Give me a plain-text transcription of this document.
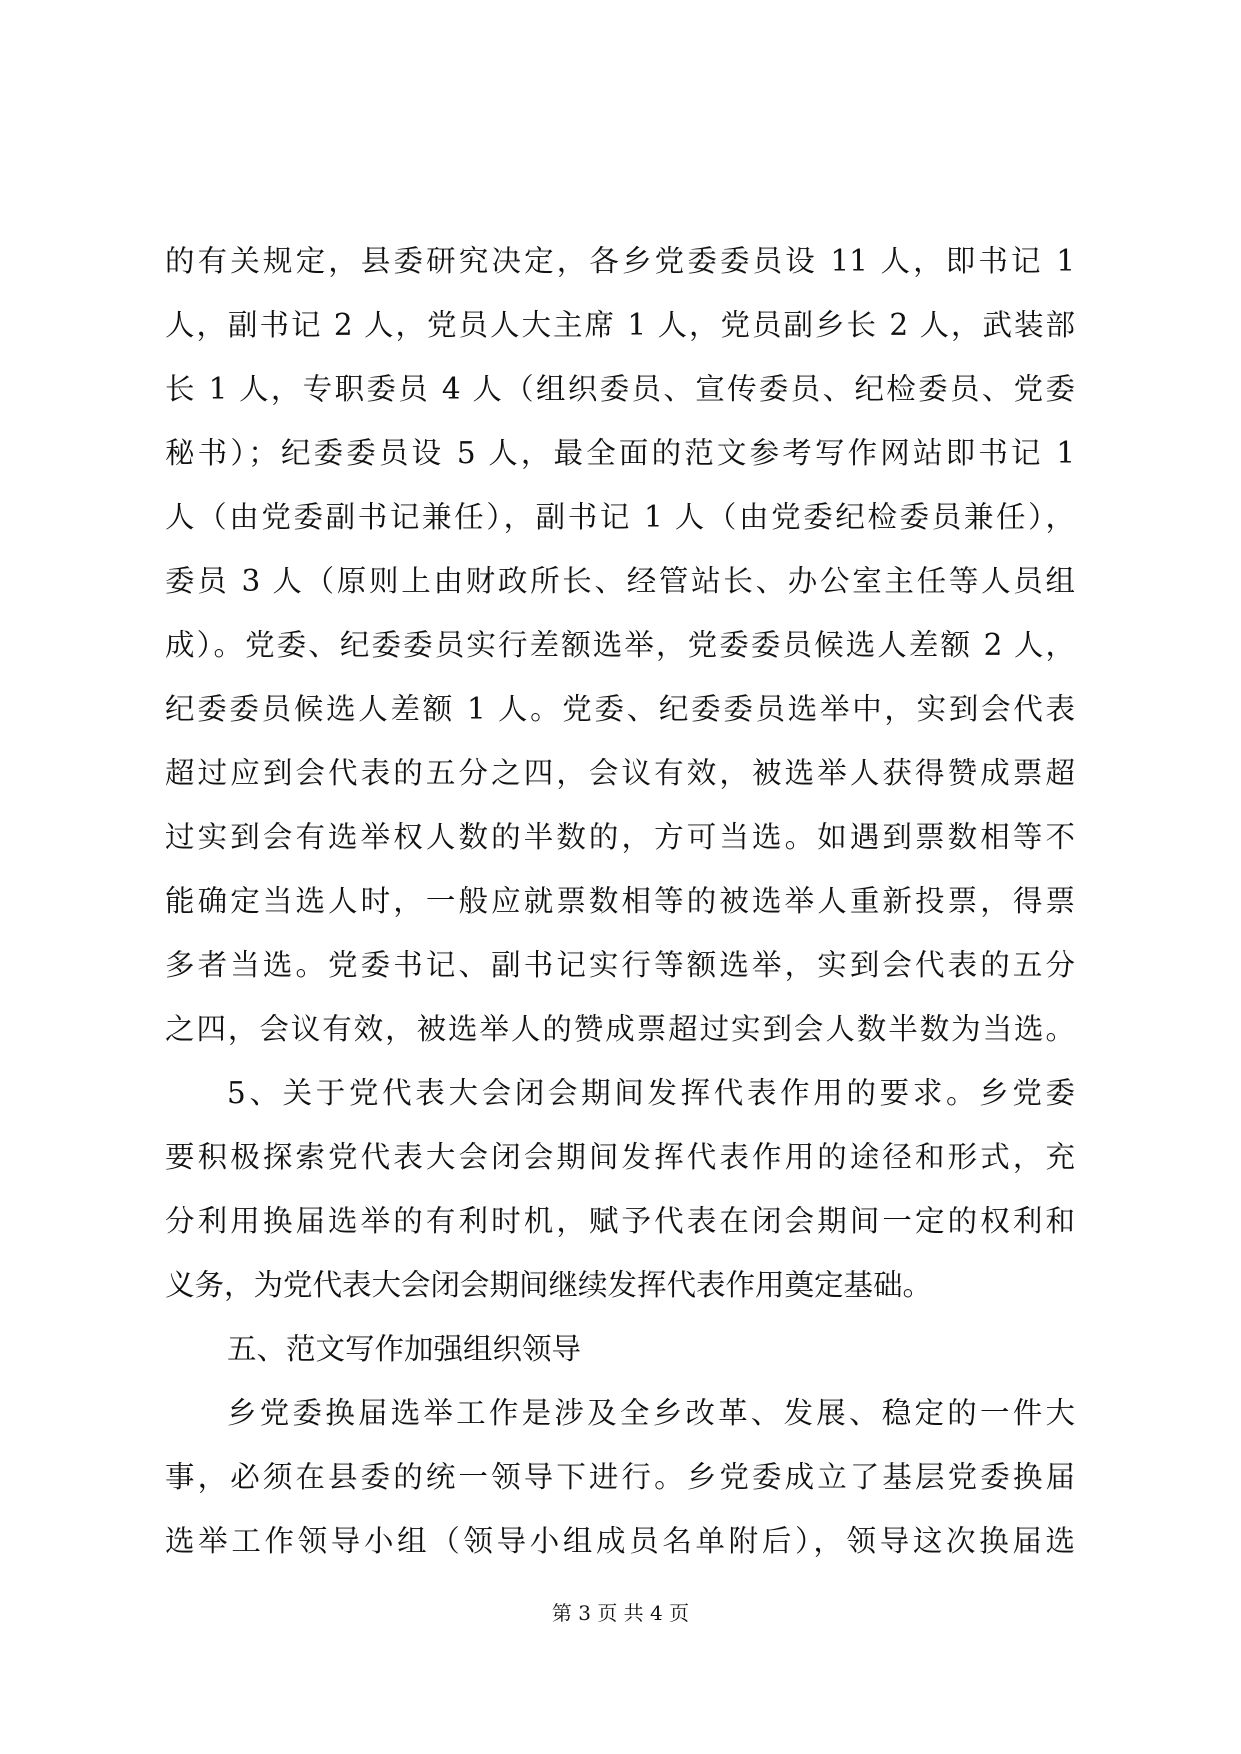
的有关规定，县委研究决定，各乡党委委员设 11 人，即书记 1
人，副书记 2 人，党员人大主席 1 人，党员副乡长 2 人，武装部
长 1 人，专职委员 4 人（组织委员、宣传委员、纪检委员、党委
秘书）；纪委委员设 5 人，最全面的范文参考写作网站即书记 1
人（由党委副书记兼任），副书记 1 人（由党委纪检委员兼任），
委员 3 人（原则上由财政所长、经管站长、办公室主任等人员组
成）。党委、纪委委员实行差额选举，党委委员候选人差额 2 人，
纪委委员候选人差额 1 人。党委、纪委委员选举中，实到会代表
超过应到会代表的五分之四，会议有效，被选举人获得赞成票超
过实到会有选举权人数的半数的，方可当选。如遇到票数相等不
能确定当选人时，一般应就票数相等的被选举人重新投票，得票
多者当选。党委书记、副书记实行等额选举，实到会代表的五分
之四，会议有效，被选举人的赞成票超过实到会人数半数为当选。
5、关于党代表大会闭会期间发挥代表作用的要求。乡党委
要积极探索党代表大会闭会期间发挥代表作用的途径和形式，充
分利用换届选举的有利时机，赋予代表在闭会期间一定的权利和
义务，为党代表大会闭会期间继续发挥代表作用奠定基础。
五、范文写作加强组织领导
乡党委换届选举工作是涉及全乡改革、发展、稳定的一件大
事，必须在县委的统一领导下进行。乡党委成立了基层党委换届
选举工作领导小组（领导小组成员名单附后），领导这次换届选
第 3 页 共 4 页
